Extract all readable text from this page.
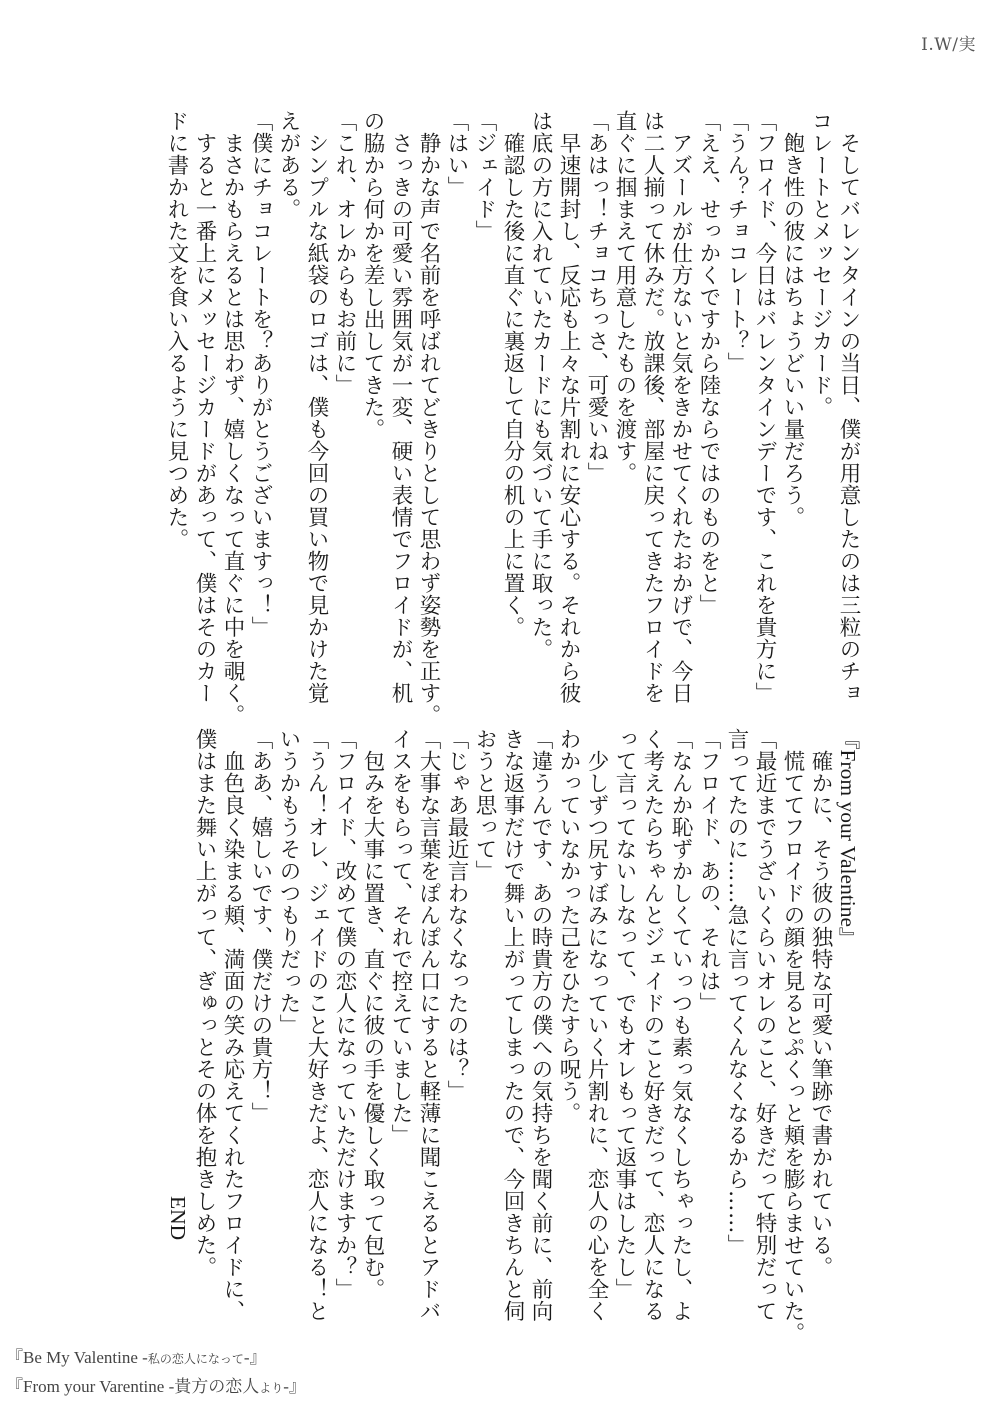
I.W/実

　そしてバレンタインの当日、僕が用意したのは三粒のチョ

コレートとメッセージカード。

　飽き性の彼にはちょうどいい量だろう。

「フロイド、今日はバレンタインデーです、これを貴方に」

「うん？チョコレート？」

「ええ、せっかくですから陸ならではのものをと」

　アズールが仕方ないと気をきかせてくれたおかげで、今日

は二人揃って休みだ。放課後、部屋に戻ってきたフロイドを

直ぐに掴まえて用意したものを渡す。

「あはっ！チョコちっさ、可愛いね」

　早速開封し、反応も上々な片割れに安心する。それから彼

は底の方に入れていたカードにも気づいて手に取った。

　確認した後に直ぐに裏返して自分の机の上に置く。

「ジェイド」

「はい」

　静かな声で名前を呼ばれてどきりとして思わず姿勢を正す。

　さっきの可愛い雰囲気が一変、硬い表情でフロイドが、机

の脇から何かを差し出してきた。

「これ、オレからもお前に」

　シンプルな紙袋のロゴは、僕も今回の買い物で見かけた覚

えがある。

「僕にチョコレートを？ありがとうございますっ！」

　まさかもらえるとは思わず、嬉しくなって直ぐに中を覗く。

　すると一番上にメッセージカードがあって、僕はそのカー

ドに書かれた文を食い入るように見つめた。

『From your Valentine』

　確かに、そう彼の独特な可愛い筆跡で書かれている。

　慌ててフロイドの顔を見るとぷくっと頬を膨らませていた。

「最近までうざいくらいオレのこと、好きだって特別だって

言ってたのに……急に言ってくんなくなるから……」

「フロイド、あの、それは」

「なんか恥ずかしくていっつも素っ気なくしちゃったし、よ

く考えたらちゃんとジェイドのこと好きだって、恋人になる

って言ってないしなって、でもオレもって返事はしたし」

　少しずつ尻すぼみになっていく片割れに、恋人の心を全く

わかっていなかった己をひたすら呪う。

「違うんです、あの時貴方の僕への気持ちを聞く前に、前向

きな返事だけで舞い上がってしまったので、今回きちんと伺

おうと思って」

「じゃあ最近言わなくなったのは？」

「大事な言葉をぽんぽん口にすると軽薄に聞こえるとアドバ

イスをもらって、それで控えていました」

　包みを大事に置き、直ぐに彼の手を優しく取って包む。

「フロイド、改めて僕の恋人になっていただけますか？」

「うん！オレ、ジェイドのこと大好きだよ、恋人になる！と

いうかもうそのつもりだった」

「ああ、嬉しいです、僕だけの貴方！」

　血色良く染まる頬、満面の笑み応えてくれたフロイドに、

僕はまた舞い上がって、ぎゅっとその体を抱きしめた。

END
『Be My Valentine -私の恋人になって-』
『From your Varentine -貴方の恋人より-』
